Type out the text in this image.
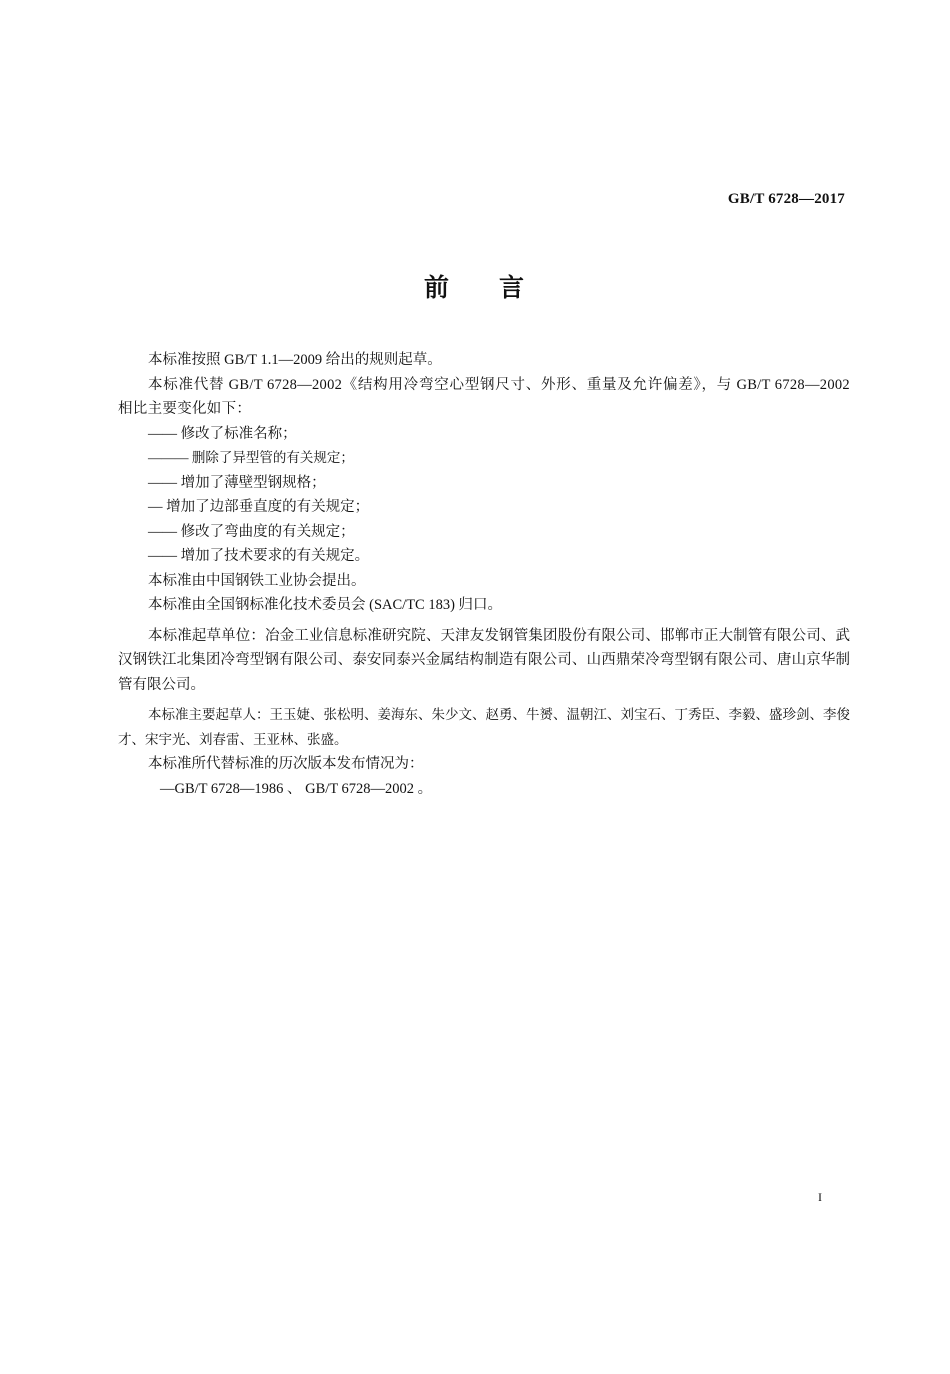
GB/T 6728—2017
前 言

本标准按照 GB/T 1.1—2009 给出的规则起草。

本标准代替 GB/T 6728—2002《结构用冷弯空心型钢尺寸、外形、重量及允许偏差》，与 GB/T 6728—2002 相比主要变化如下：

—— 修改了标准名称；

——— 删除了异型管的有关规定；

—— 增加了薄壁型钢规格；

— 增加了边部垂直度的有关规定；

—— 修改了弯曲度的有关规定；

—— 增加了技术要求的有关规定。

本标准由中国钢铁工业协会提出。

本标准由全国钢标准化技术委员会 (SAC/TC 183) 归口。

本标准起草单位：冶金工业信息标准研究院、天津友发钢管集团股份有限公司、邯郸市正大制管有限公司、武汉钢铁江北集团冷弯型钢有限公司、泰安同泰兴金属结构制造有限公司、山西鼎荣冷弯型钢有限公司、唐山京华制管有限公司。

本标准主要起草人：王玉婕、张松明、姜海东、朱少文、赵勇、牛赟、温朝江、刘宝石、丁秀臣、李毅、盛珍剑、李俊才、宋宇光、刘春雷、王亚林、张盛。

本标准所代替标准的历次版本发布情况为：

—GB/T 6728—1986 、 GB/T 6728—2002 。

I
